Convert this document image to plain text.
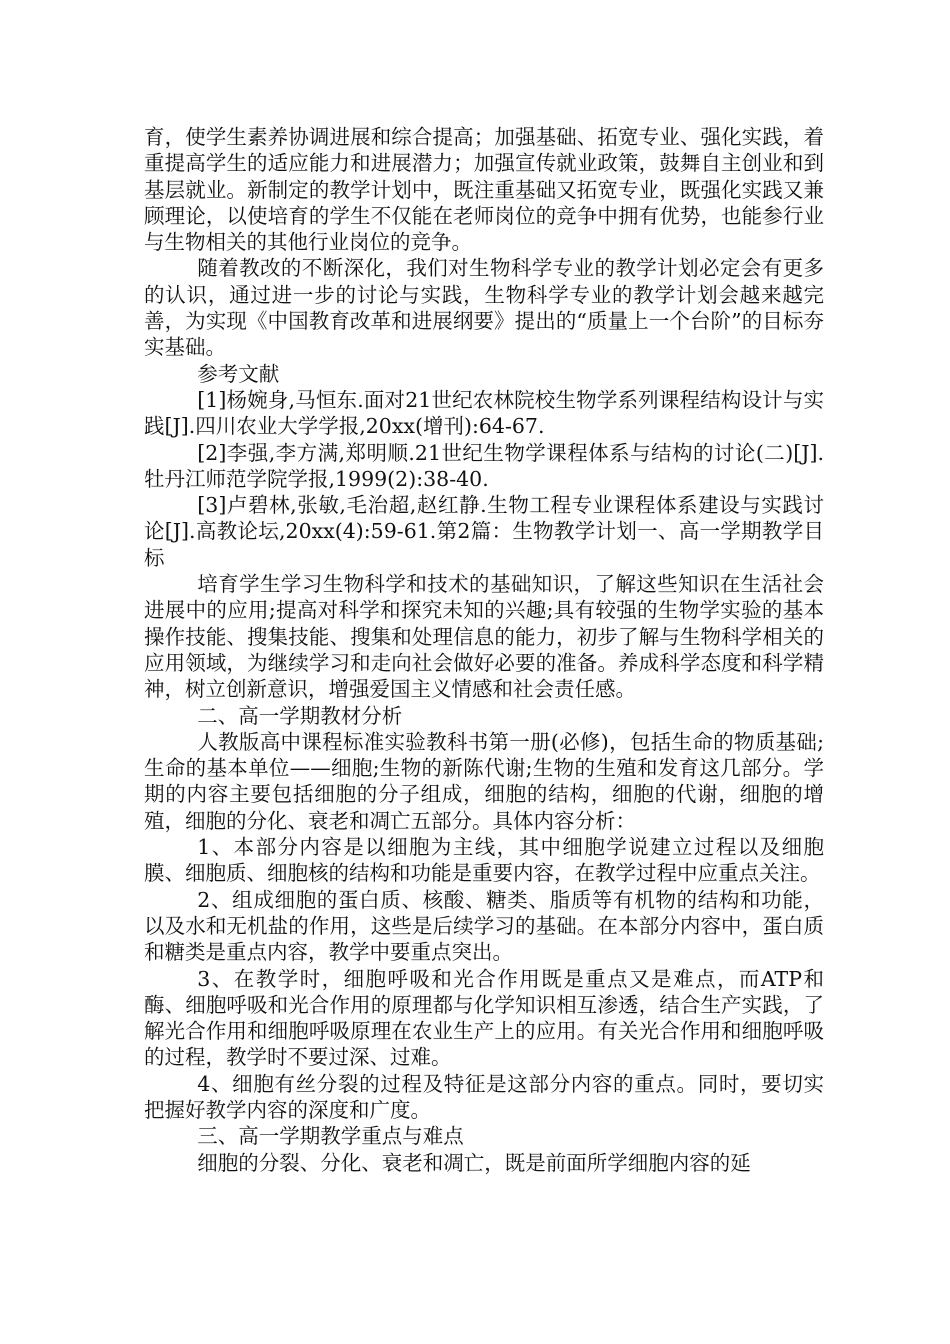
育，使学生素养协调进展和综合提高；加强基础、拓宽专业、强化实践，着重提高学生的适应能力和进展潜力；加强宣传就业政策，鼓舞自主创业和到基层就业。新制定的教学计划中，既注重基础又拓宽专业，既强化实践又兼顾理论，以使培育的学生不仅能在老师岗位的竞争中拥有优势，也能参行业与生物相关的其他行业岗位的竞争。

随着教改的不断深化，我们对生物科学专业的教学计划必定会有更多的认识，通过进一步的讨论与实践，生物科学专业的教学计划会越来越完善，为实现《中国教育改革和进展纲要》提出的“质量上一个台阶”的目标夯实基础。

参考文献

[1]杨婉身,马恒东.面对21世纪农林院校生物学系列课程结构设计与实践[J].四川农业大学学报,20xx(增刊):64-67.

[2]李强,李方满,郑明顺.21世纪生物学课程体系与结构的讨论(二)[J].牡丹江师范学院学报,1999(2):38-40.

[3]卢碧林,张敏,毛治超,赵红静.生物工程专业课程体系建设与实践讨论[J].高教论坛,20xx(4):59-61.第2篇：生物教学计划一、高一学期教学目标

培育学生学习生物科学和技术的基础知识，了解这些知识在生活社会进展中的应用;提高对科学和探究未知的兴趣;具有较强的生物学实验的基本操作技能、搜集技能、搜集和处理信息的能力，初步了解与生物科学相关的应用领域，为继续学习和走向社会做好必要的准备。养成科学态度和科学精神，树立创新意识，增强爱国主义情感和社会责任感。

二、高一学期教材分析

人教版高中课程标准实验教科书第一册(必修)，包括生命的物质基础;生命的基本单位——细胞;生物的新陈代谢;生物的生殖和发育这几部分。学期的内容主要包括细胞的分子组成，细胞的结构，细胞的代谢，细胞的增殖，细胞的分化、衰老和凋亡五部分。具体内容分析：

1、本部分内容是以细胞为主线，其中细胞学说建立过程以及细胞膜、细胞质、细胞核的结构和功能是重要内容，在教学过程中应重点关注。

2、组成细胞的蛋白质、核酸、糖类、脂质等有机物的结构和功能，以及水和无机盐的作用，这些是后续学习的基础。在本部分内容中，蛋白质和糖类是重点内容，教学中要重点突出。

3、在教学时，细胞呼吸和光合作用既是重点又是难点，而ATP和酶、细胞呼吸和光合作用的原理都与化学知识相互渗透，结合生产实践，了解光合作用和细胞呼吸原理在农业生产上的应用。有关光合作用和细胞呼吸的过程，教学时不要过深、过难。

4、细胞有丝分裂的过程及特征是这部分内容的重点。同时，要切实把握好教学内容的深度和广度。

三、高一学期教学重点与难点

细胞的分裂、分化、衰老和凋亡，既是前面所学细胞内容的延
